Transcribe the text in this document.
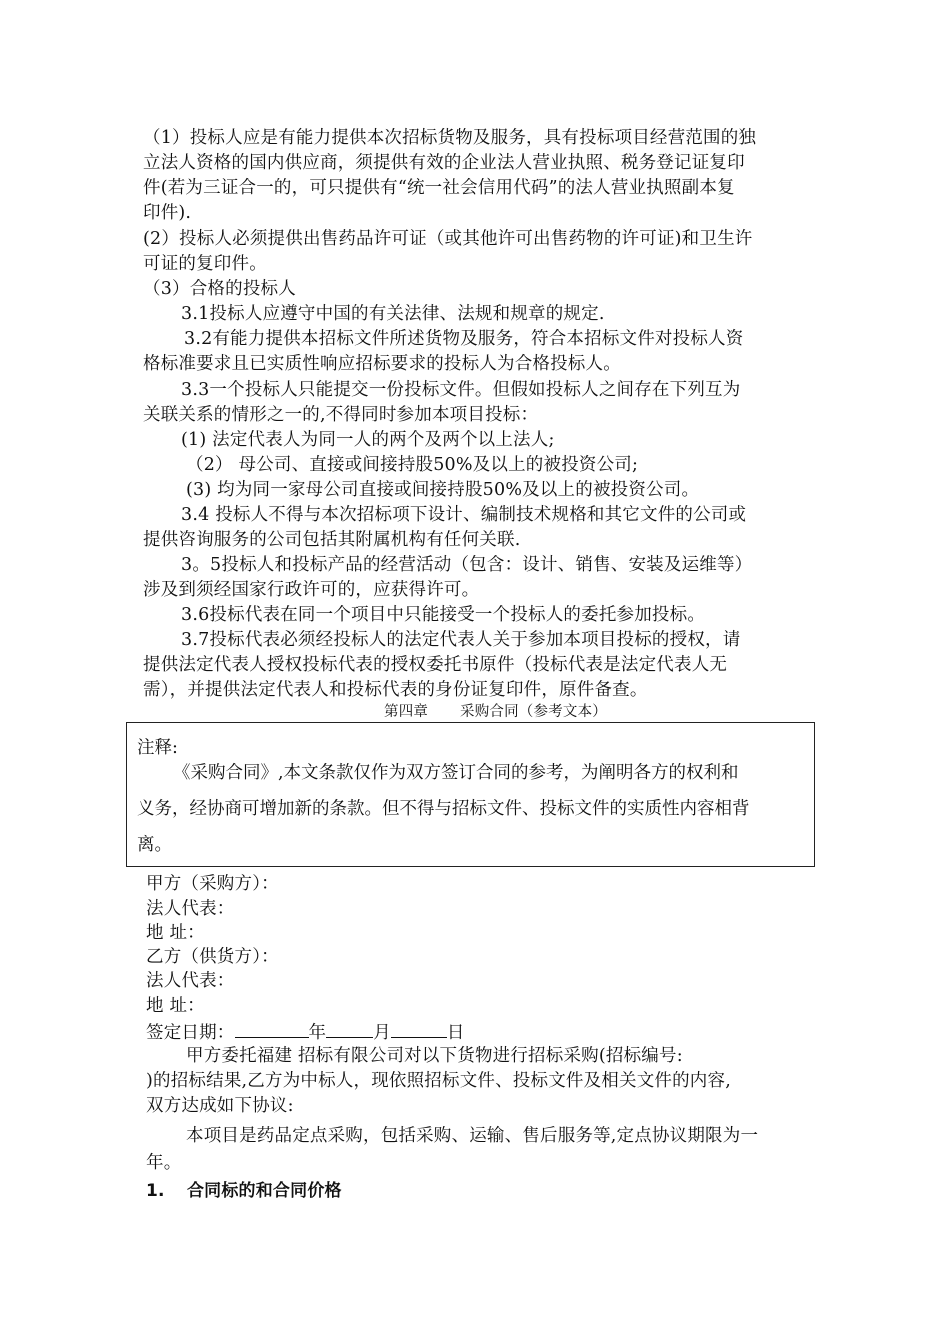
（1）投标人应是有能力提供本次招标货物及服务，具有投标项目经营范围的独
立法人资格的国内供应商，须提供有效的企业法人营业执照、税务登记证复印
件(若为三证合一的，可只提供有“统一社会信用代码”的法人营业执照副本复
印件).
(2）投标人必须提供出售药品许可证（或其他许可出售药物的许可证)和卫生许
可证的复印件。
（3）合格的投标人
3.1投标人应遵守中国的有关法律、法规和规章的规定.
3.2有能力提供本招标文件所述货物及服务，符合本招标文件对投标人资
格标准要求且已实质性响应招标要求的投标人为合格投标人。
3.3一个投标人只能提交一份投标文件。但假如投标人之间存在下列互为
关联关系的情形之一的,不得同时参加本项目投标：
(1) 法定代表人为同一人的两个及两个以上法人;
（2） 母公司、直接或间接持股50%及以上的被投资公司;
(3) 均为同一家母公司直接或间接持股50%及以上的被投资公司。
3.4 投标人不得与本次招标项下设计、编制技术规格和其它文件的公司或
提供咨询服务的公司包括其附属机构有任何关联.
3。5投标人和投标产品的经营活动（包含：设计、销售、安装及运维等）
涉及到须经国家行政许可的，应获得许可。
3.6投标代表在同一个项目中只能接受一个投标人的委托参加投标。
3.7投标代表必须经投标人的法定代表人关于参加本项目投标的授权，请
提供法定代表人授权投标代表的授权委托书原件（投标代表是法定代表人无
需），并提供法定代表人和投标代表的身份证复印件，原件备查。
第四章 采购合同（参考文本）
注释:
《采购合同》,本文条款仅作为双方签订合同的参考，为阐明各方的权利和
义务，经协商可增加新的条款。但不得与招标文件、投标文件的实质性内容相背
离。
甲方（采购方）：
法人代表：
地 址：
乙方（供货方）：
法人代表：
地 址：
签定日期：	年	月	日
甲方委托福建 招标有限公司对以下货物进行招标采购(招标编号:
)的招标结果,乙方为中标人，现依照招标文件、投标文件及相关文件的内容,
双方达成如下协议:
本项目是药品定点采购，包括采购、运输、售后服务等,定点协议期限为一
年。
1. 合同标的和合同价格
